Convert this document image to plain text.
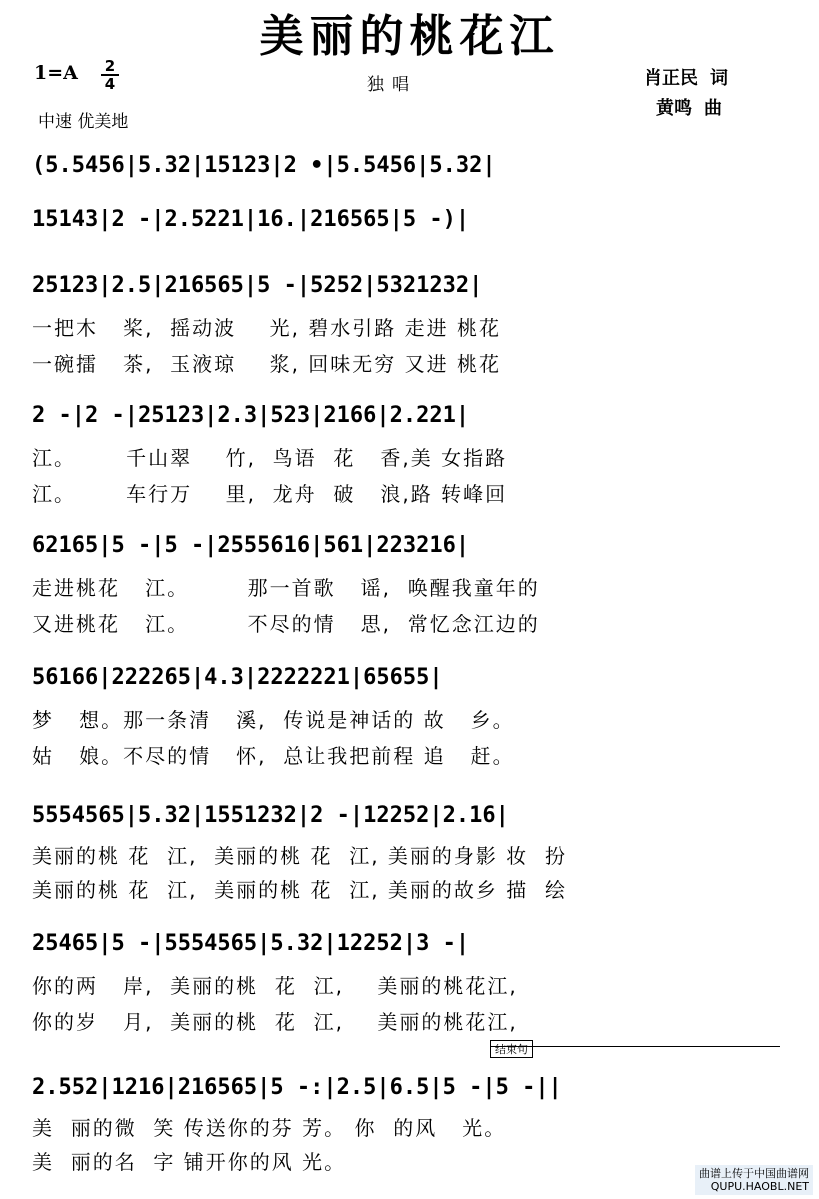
美丽的桃花江
1=A 2
4
中速 优美地
独唱	肖正民 词
黄鸣 曲
(5.5456|5.32|15123|2 •|5.5456|5.32|
15143|2 -|2.5221|16.|216565|5 -)|
25123|2.5|216565|5 -|5252|5321232|
一把木   桨,  摇动波    光, 碧水引路 走进 桃花
一碗擂   茶,  玉液琼    浆, 回味无穷 又进 桃花
2 -|2 -|25123|2.3|523|2166|2.221|
江。      千山翠    竹,  鸟语  花   香,美 女指路
江。      车行万    里,  龙舟  破   浪,路 转峰回
62165|5 -|5 -|2555616|561|223216|
走进桃花   江。       那一首歌   谣,  唤醒我童年的
又进桃花   江。       不尽的情   思,  常忆念江边的
56166|222265|4.3|2222221|65655|
梦   想。那一条清   溪,  传说是神话的 故   乡。
姑   娘。不尽的情   怀,  总让我把前程 追   赶。
5554565|5.32|1551232|2 -|12252|2.16|
美丽的桃 花  江,  美丽的桃 花  江, 美丽的身影 妆  扮
美丽的桃 花  江,  美丽的桃 花  江, 美丽的故乡 描  绘
25465|5 -|5554565|5.32|12252|3 -|
你的两   岸,  美丽的桃  花  江,    美丽的桃花江,
你的岁   月,  美丽的桃  花  江,    美丽的桃花江,
结束句
2.552|1216|216565|5 -:|2.5|6.5|5 -|5 -||
美  丽的微  笑 传送你的芬 芳。 你  的风   光。
美  丽的名  字 铺开你的风 光。	曲谱上传于中国曲谱网
QUPU.HAOBL.NET
